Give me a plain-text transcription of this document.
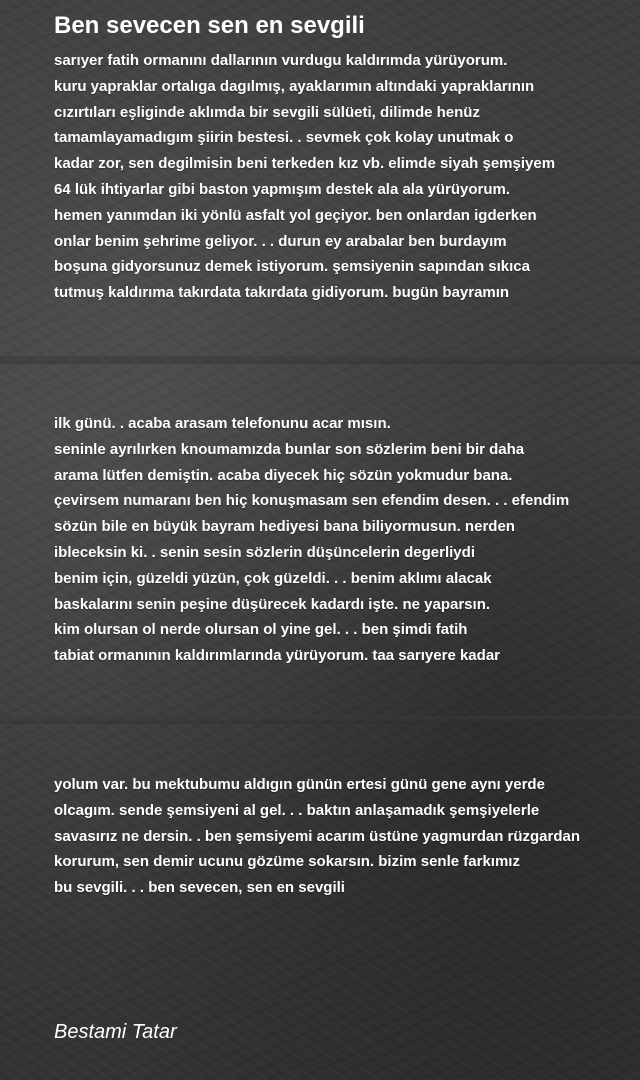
Ben sevecen sen en sevgili
sarıyer fatih ormanını dallarının vurdugu kaldırımda yürüyorum.
kuru yapraklar ortalıga dagılmış, ayaklarımın altındaki yapraklarının
cızırtıları eşliginde aklımda bir sevgili sülüeti, dilimde henüz
tamamlayamadıgım şiirin bestesi. . sevmek çok kolay unutmak o
kadar zor, sen degilmisin beni terkeden kız vb. elimde siyah şemşiyem
64 lük ihtiyarlar gibi baston yapmışım destek ala ala yürüyorum.
hemen yanımdan iki yönlü asfalt yol geçiyor. ben onlardan igderken
onlar benim şehrime geliyor. . . durun ey arabalar ben burdayım
boşuna gidyorsunuz demek istiyorum. şemsiyenin sapından sıkıca
tutmuş kaldırıma takırdata takırdata gidiyorum. bugün bayramın
ilk günü. . acaba arasam telefonunu acar mısın.
seninle ayrılırken knoumamızda bunlar son sözlerim beni bir daha
arama lütfen demiştin. acaba diyecek hiç sözün yokmudur bana.
çevirsem numaranı ben hiç konuşmasam sen efendim desen. . . efendim
sözün bile en büyük bayram hediyesi bana biliyormusun. nerden
ibleceksin ki. . senin sesin sözlerin düşüncelerin degerliydi
benim için, güzeldi yüzün, çok güzeldi. . . benim aklımı alacak
baskalarını senin peşine düşürecek kadardı işte. ne yaparsın.
kim olursan ol nerde olursan ol yine gel. . . ben şimdi fatih
tabiat ormanının kaldırımlarında yürüyorum. taa sarıyere kadar
yolum var. bu mektubumu aldıgın günün ertesi günü gene aynı yerde
olcagım. sende şemsiyeni al gel. . . baktın anlaşamadık şemşiyelerle
savasırız ne dersin. . ben şemsiyemi acarım üstüne yagmurdan rüzgardan
korurum, sen demir ucunu gözüme sokarsın. bizim senle farkımız
bu sevgili. . . ben sevecen, sen en sevgili
Bestami Tatar
